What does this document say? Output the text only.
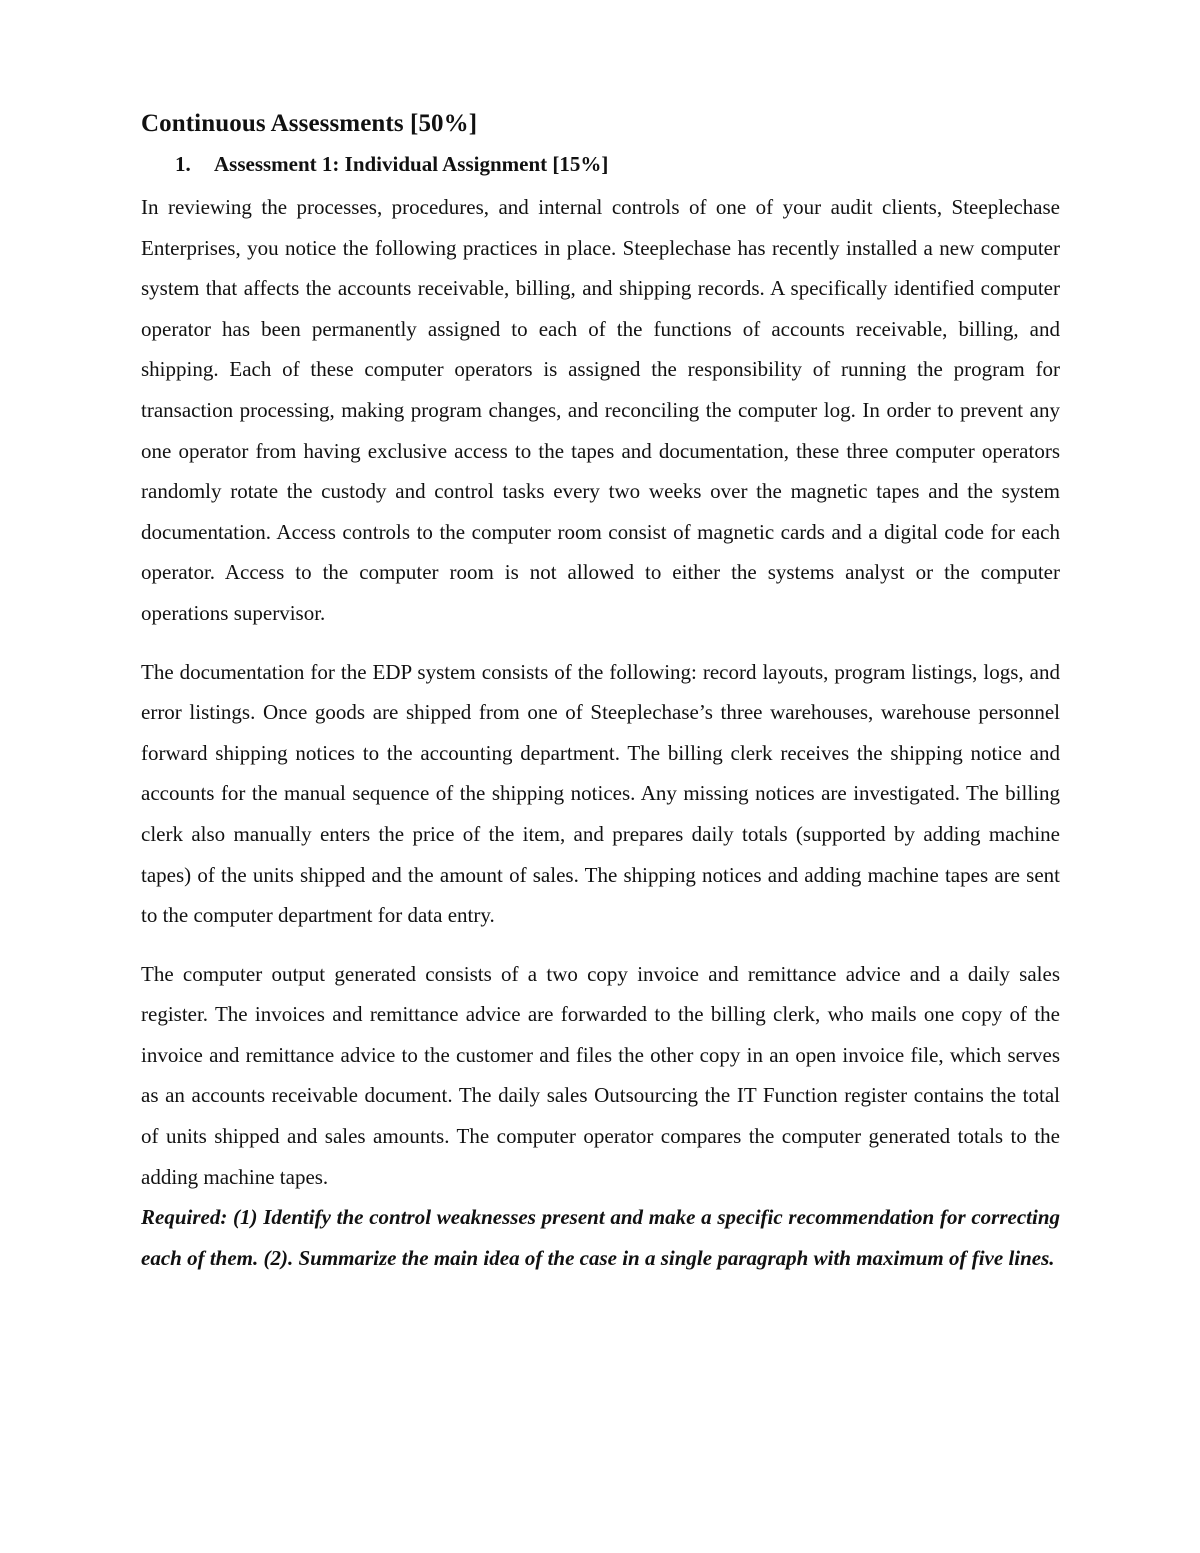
Continuous Assessments [50%]
1.	Assessment 1: Individual Assignment [15%]

In reviewing the processes, procedures, and internal controls of one of your audit clients, Steeplechase Enterprises, you notice the following practices in place. Steeplechase has recently installed a new computer system that affects the accounts receivable, billing, and shipping records. A specifically identified computer operator has been permanently assigned to each of the functions of accounts receivable, billing, and shipping. Each of these computer operators is assigned the responsibility of running the program for transaction processing, making program changes, and reconciling the computer log. In order to prevent any one operator from having exclusive access to the tapes and documentation, these three computer operators randomly rotate the custody and control tasks every two weeks over the magnetic tapes and the system documentation. Access controls to the computer room consist of magnetic cards and a digital code for each operator. Access to the computer room is not allowed to either the systems analyst or the computer operations supervisor.

The documentation for the EDP system consists of the following: record layouts, program listings, logs, and error listings. Once goods are shipped from one of Steeplechase’s three warehouses, warehouse personnel forward shipping notices to the accounting department. The billing clerk receives the shipping notice and accounts for the manual sequence of the shipping notices. Any missing notices are investigated. The billing clerk also manually enters the price of the item, and prepares daily totals (supported by adding machine tapes) of the units shipped and the amount of sales. The shipping notices and adding machine tapes are sent to the computer department for data entry.

The computer output generated consists of a two copy invoice and remittance advice and a daily sales register. The invoices and remittance advice are forwarded to the billing clerk, who mails one copy of the invoice and remittance advice to the customer and files the other copy in an open invoice file, which serves as an accounts receivable document. The daily sales Outsourcing the IT Function register contains the total of units shipped and sales amounts. The computer operator compares the computer generated totals to the adding machine tapes.

Required: (1) Identify the control weaknesses present and make a specific recommendation for correcting each of them. (2). Summarize the main idea of the case in a single paragraph with maximum of five lines.
